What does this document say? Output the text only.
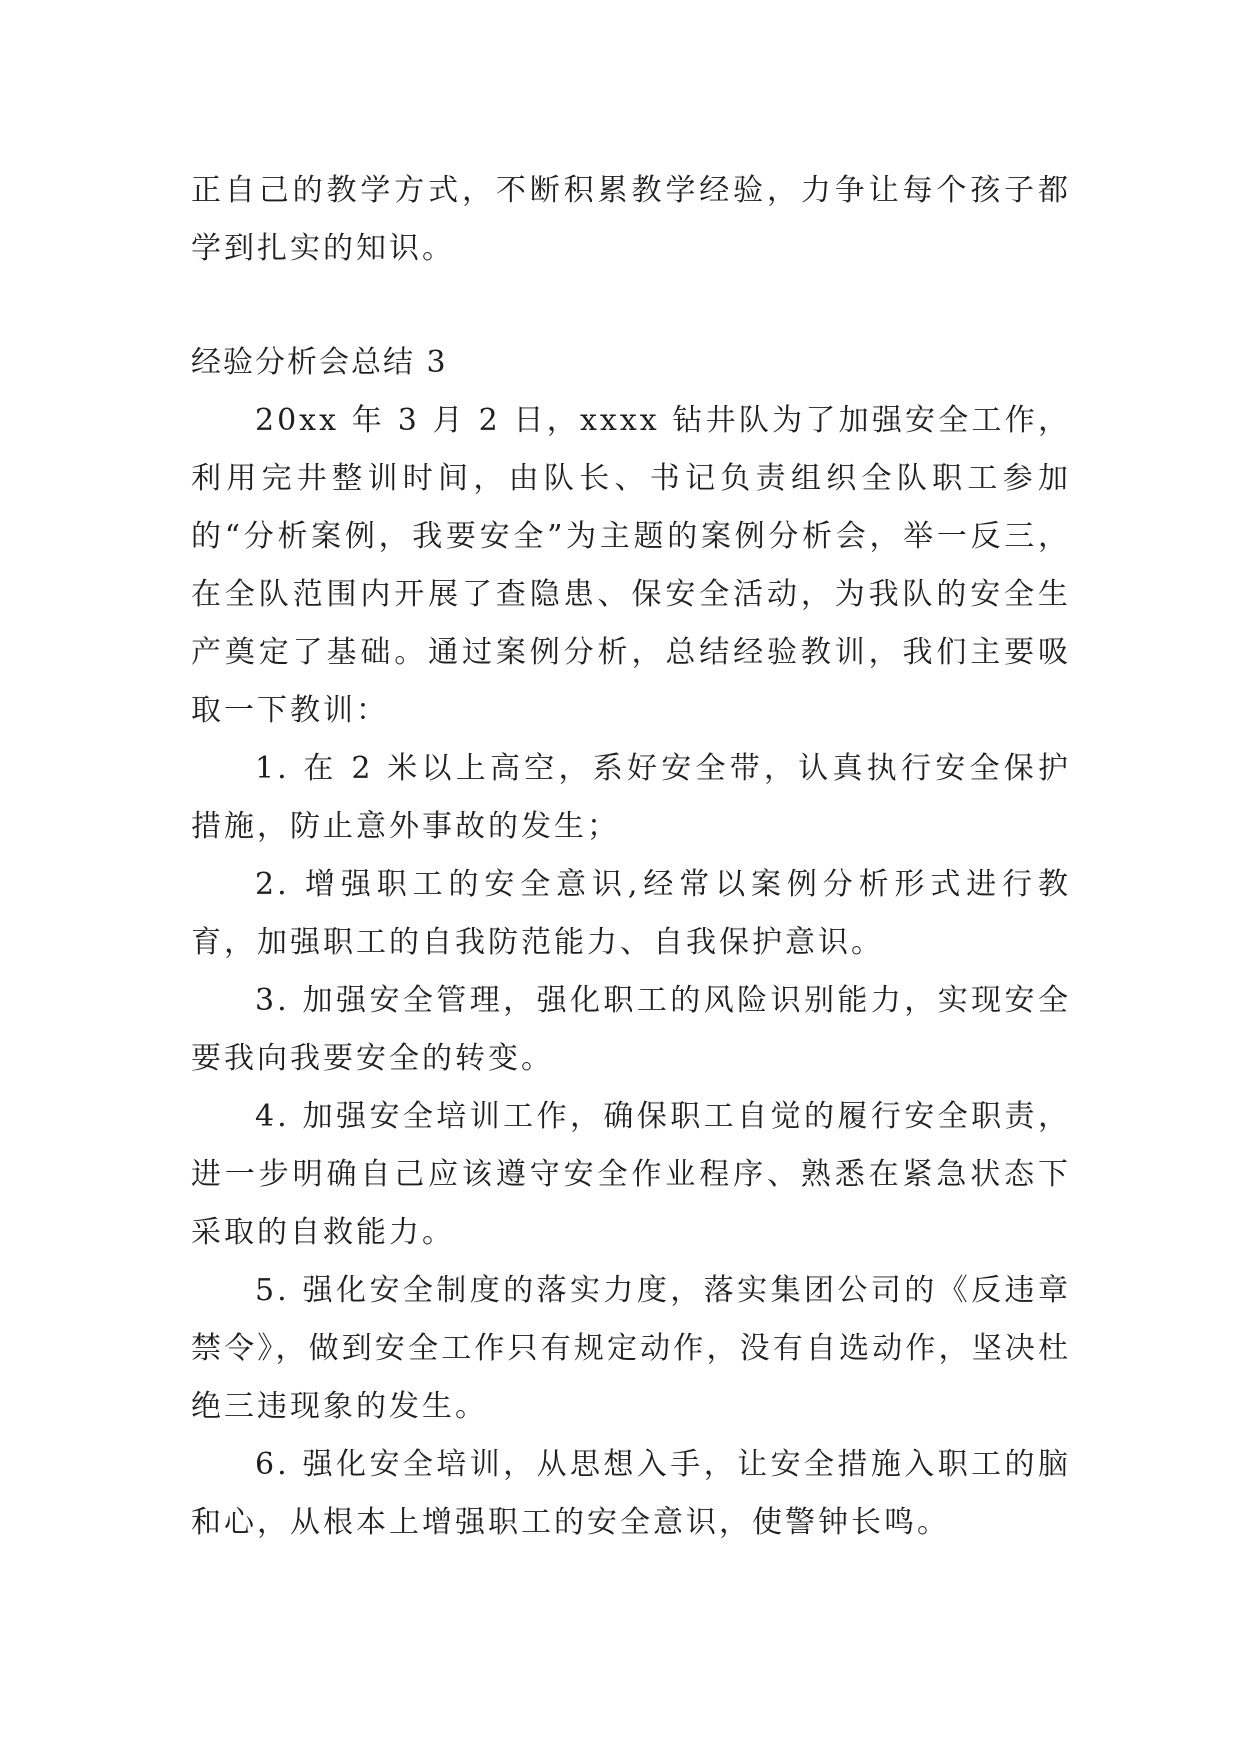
正自己的教学方式，不断积累教学经验，力争让每个孩子都学到扎实的知识。

经验分析会总结 3

20xx 年 3 月 2 日，xxxx 钻井队为了加强安全工作，利用完井整训时间，由队长、书记负责组织全队职工参加的“分析案例，我要安全”为主题的案例分析会，举一反三，在全队范围内开展了查隐患、保安全活动，为我队的安全生产奠定了基础。通过案例分析，总结经验教训，我们主要吸取一下教训：

1. 在 2 米以上高空，系好安全带，认真执行安全保护措施，防止意外事故的发生；

2. 增强职工的安全意识,经常以案例分析形式进行教育，加强职工的自我防范能力、自我保护意识。

3. 加强安全管理，强化职工的风险识别能力，实现安全要我向我要安全的转变。

4. 加强安全培训工作，确保职工自觉的履行安全职责，进一步明确自己应该遵守安全作业程序、熟悉在紧急状态下采取的自救能力。

5. 强化安全制度的落实力度，落实集团公司的《反违章禁令》，做到安全工作只有规定动作，没有自选动作，坚决杜绝三违现象的发生。

6. 强化安全培训，从思想入手，让安全措施入职工的脑和心，从根本上增强职工的安全意识，使警钟长鸣。
